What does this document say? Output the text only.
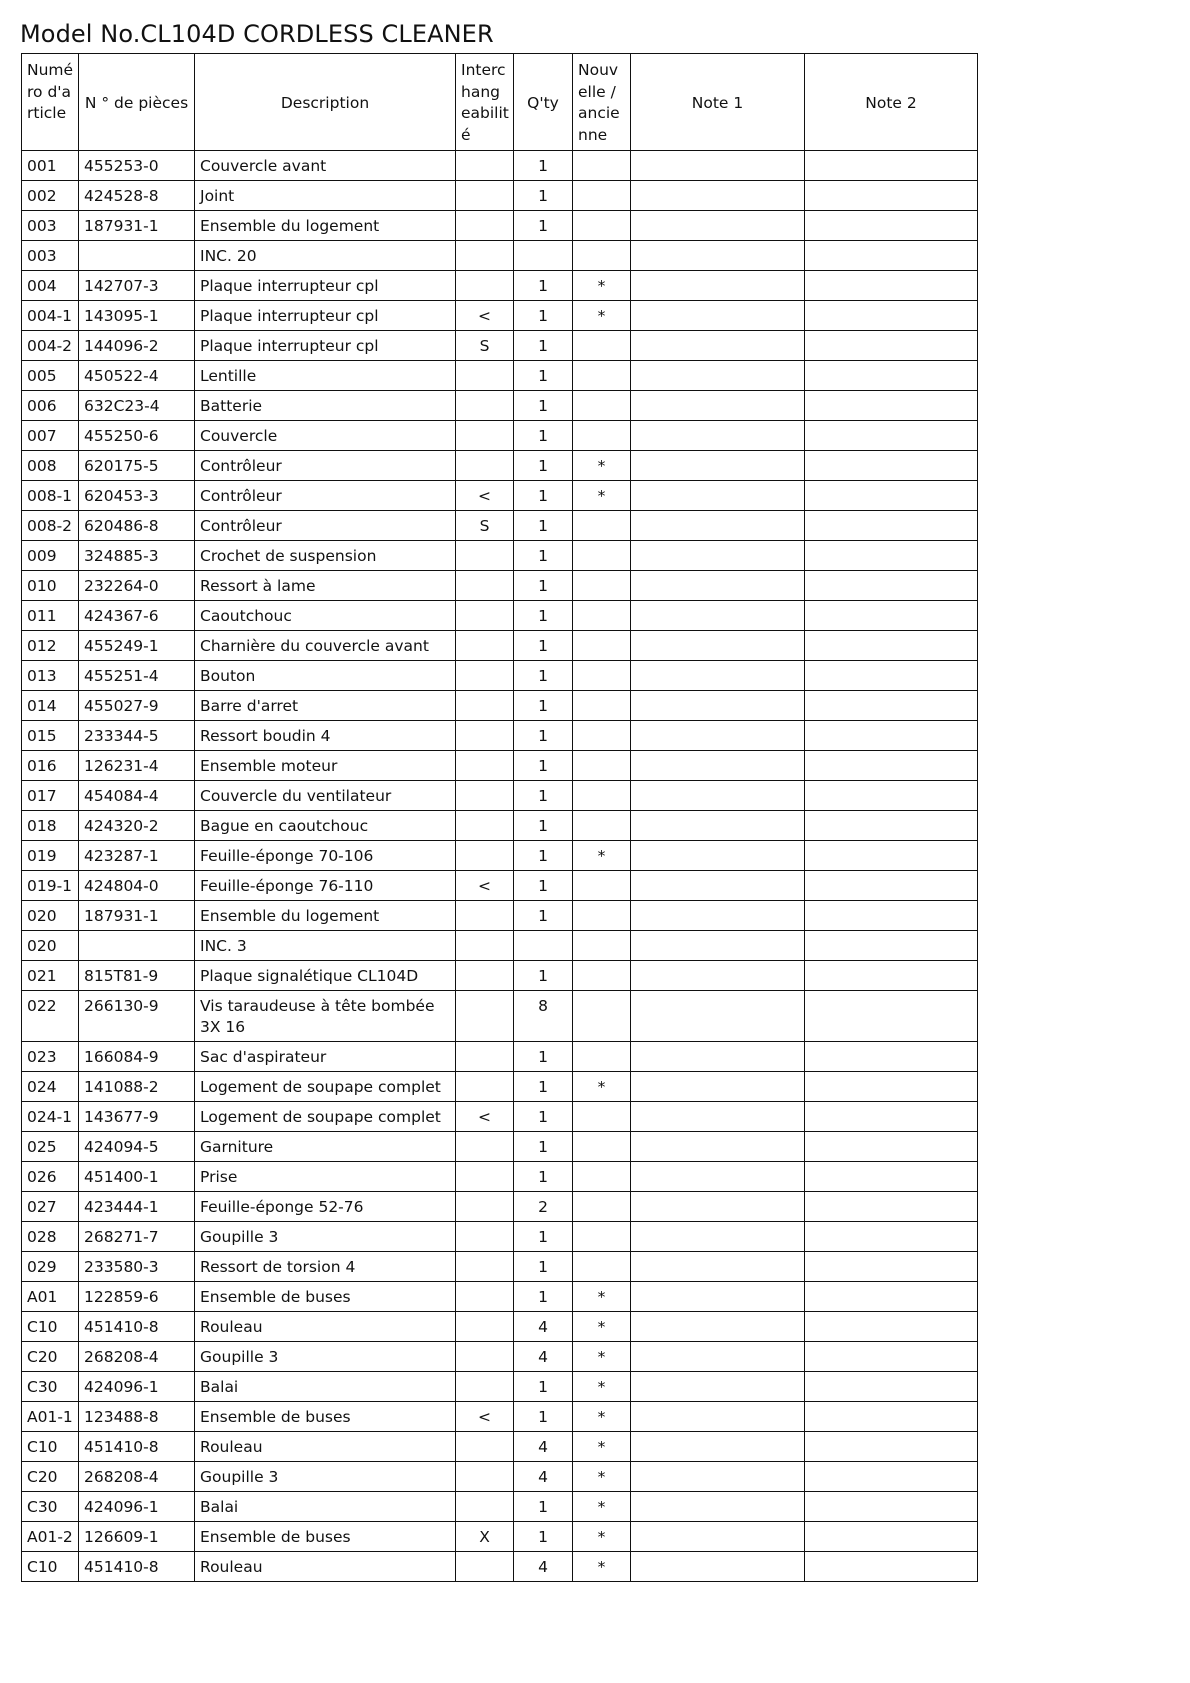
Model No.CL104D CORDLESS CLEANER
Numé ro d'a rticle	N ° de pièces	Description	Interc hang eabilit é	Q'ty	Nouv elle / ancie nne	Note 1	Note 2
001	455253-0	Couvercle avant		1			
002	424528-8	Joint		1			
003	187931-1	Ensemble du logement		1			
003		INC. 20					
004	142707-3	Plaque interrupteur cpl		1	*		
004-1	143095-1	Plaque interrupteur cpl	<	1	*		
004-2	144096-2	Plaque interrupteur cpl	S	1			
005	450522-4	Lentille		1			
006	632C23-4	Batterie		1			
007	455250-6	Couvercle		1			
008	620175-5	Contrôleur		1	*		
008-1	620453-3	Contrôleur	<	1	*		
008-2	620486-8	Contrôleur	S	1			
009	324885-3	Crochet de suspension		1			
010	232264-0	Ressort à lame		1			
011	424367-6	Caoutchouc		1			
012	455249-1	Charnière du couvercle avant		1			
013	455251-4	Bouton		1			
014	455027-9	Barre d'arret		1			
015	233344-5	Ressort boudin 4		1			
016	126231-4	Ensemble moteur		1			
017	454084-4	Couvercle du ventilateur		1			
018	424320-2	Bague en caoutchouc		1			
019	423287-1	Feuille-éponge 70-106		1	*		
019-1	424804-0	Feuille-éponge 76-110	<	1			
020	187931-1	Ensemble du logement		1			
020		INC. 3					
021	815T81-9	Plaque signalétique CL104D		1			
022	266130-9	Vis taraudeuse à tête bombée 3X 16		8			
023	166084-9	Sac d'aspirateur		1			
024	141088-2	Logement de soupape complet		1	*		
024-1	143677-9	Logement de soupape complet	<	1			
025	424094-5	Garniture		1			
026	451400-1	Prise		1			
027	423444-1	Feuille-éponge 52-76		2			
028	268271-7	Goupille 3		1			
029	233580-3	Ressort de torsion 4		1			
A01	122859-6	Ensemble de buses		1	*		
C10	451410-8	Rouleau		4	*		
C20	268208-4	Goupille 3		4	*		
C30	424096-1	Balai		1	*		
A01-1	123488-8	Ensemble de buses	<	1	*		
C10	451410-8	Rouleau		4	*		
C20	268208-4	Goupille 3		4	*		
C30	424096-1	Balai		1	*		
A01-2	126609-1	Ensemble de buses	X	1	*		
C10	451410-8	Rouleau		4	*		
